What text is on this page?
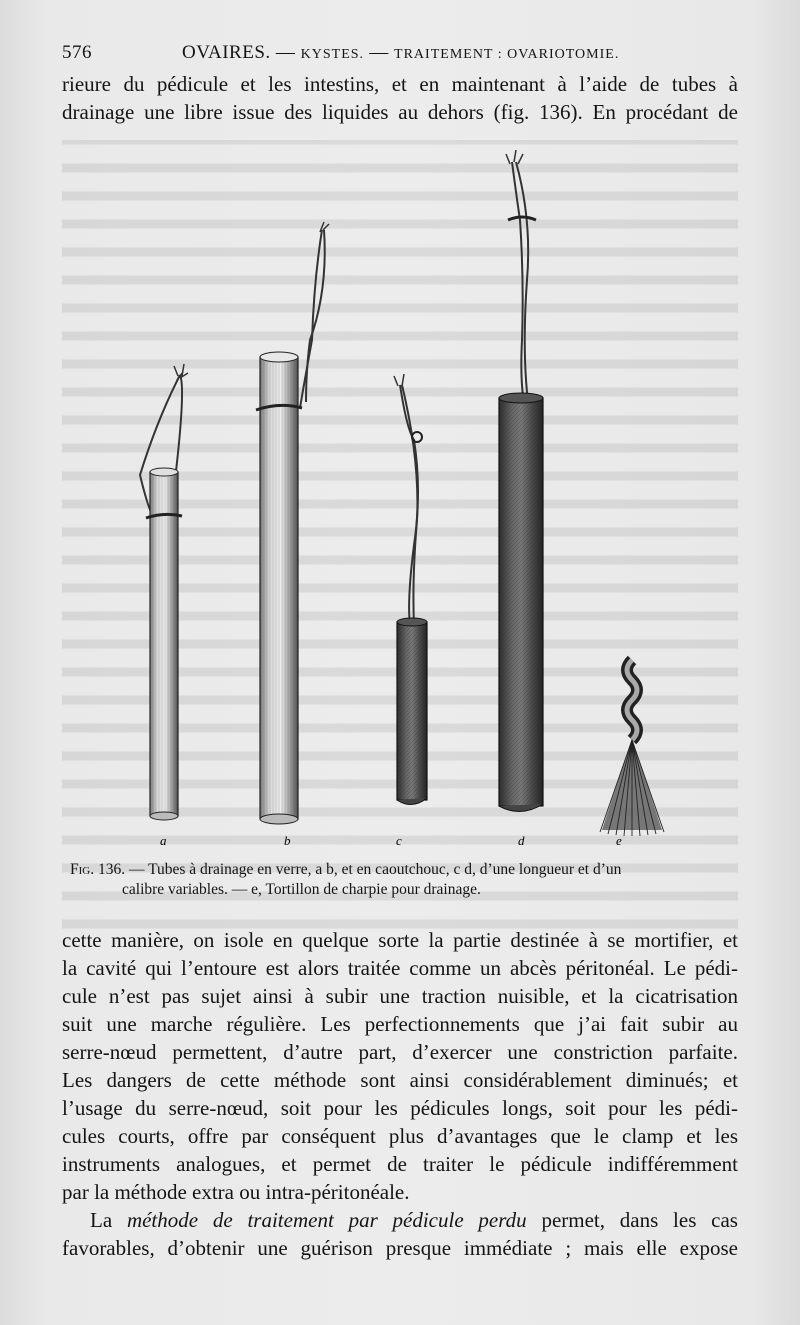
576	OVAIRES. — KYSTES. — TRAITEMENT : OVARIOTOMIE.
rieure du pédicule et les intestins, et en maintenant à l’aide de tubes à
drainage une libre issue des liquides au dehors (fig. 136). En procédant de
a	b	c	d	e
Fig. 136. — Tubes à drainage en verre, a b, et en caoutchouc, c d, d’une longueur et d’un
calibre variables. — e, Tortillon de charpie pour drainage.
cette manière, on isole en quelque sorte la partie destinée à se mortifier, et
la cavité qui l’entoure est alors traitée comme un abcès péritonéal. Le pédi-
cule n’est pas sujet ainsi à subir une traction nuisible, et la cicatrisation
suit une marche régulière. Les perfectionnements que j’ai fait subir au
serre-nœud permettent, d’autre part, d’exercer une constriction parfaite.
Les dangers de cette méthode sont ainsi considérablement diminués; et
l’usage du serre-nœud, soit pour les pédicules longs, soit pour les pédi-
cules courts, offre par conséquent plus d’avantages que le clamp et les
instruments analogues, et permet de traiter le pédicule indifféremment
par la méthode extra ou intra-péritonéale.
La méthode de traitement par pédicule perdu permet, dans les cas
favorables, d’obtenir une guérison presque immédiate ; mais elle expose
